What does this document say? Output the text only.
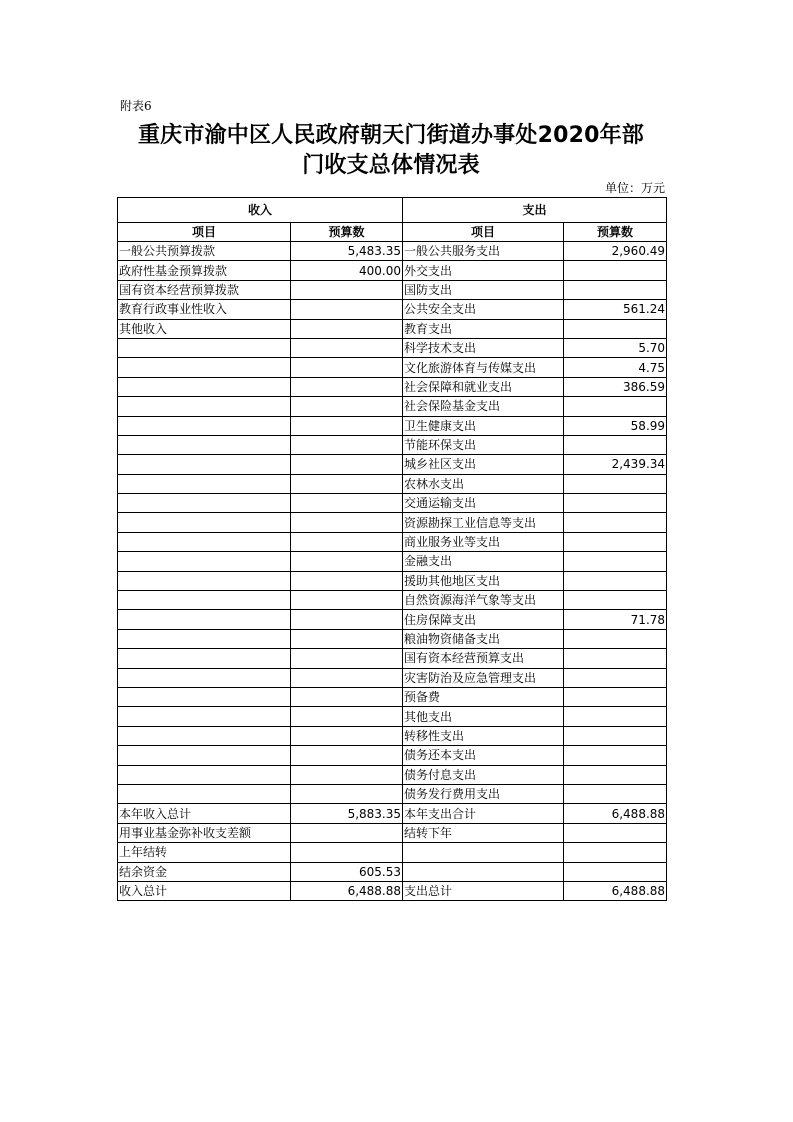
附表6
重庆市渝中区人民政府朝天门街道办事处2020年部
门收支总体情况表
单位：万元
收入		支出	
项目	预算数	项目	预算数
一般公共预算拨款	5,483.35	一般公共服务支出	2,960.49
政府性基金预算拨款	400.00	外交支出	
国有资本经营预算拨款		国防支出	
教育行政事业性收入		公共安全支出	561.24
其他收入		教育支出	
		科学技术支出	5.70
		文化旅游体育与传媒支出	4.75
		社会保障和就业支出	386.59
		社会保险基金支出	
		卫生健康支出	58.99
		节能环保支出	
		城乡社区支出	2,439.34
		农林水支出	
		交通运输支出	
		资源勘探工业信息等支出	
		商业服务业等支出	
		金融支出	
		援助其他地区支出	
		自然资源海洋气象等支出	
		住房保障支出	71.78
		粮油物资储备支出	
		国有资本经营预算支出	
		灾害防治及应急管理支出	
		预备费	
		其他支出	
		转移性支出	
		债务还本支出	
		债务付息支出	
		债务发行费用支出	
本年收入总计	5,883.35	本年支出合计	6,488.88
用事业基金弥补收支差额		结转下年	
上年结转			
结余资金	605.53		
收入总计	6,488.88	支出总计	6,488.88
